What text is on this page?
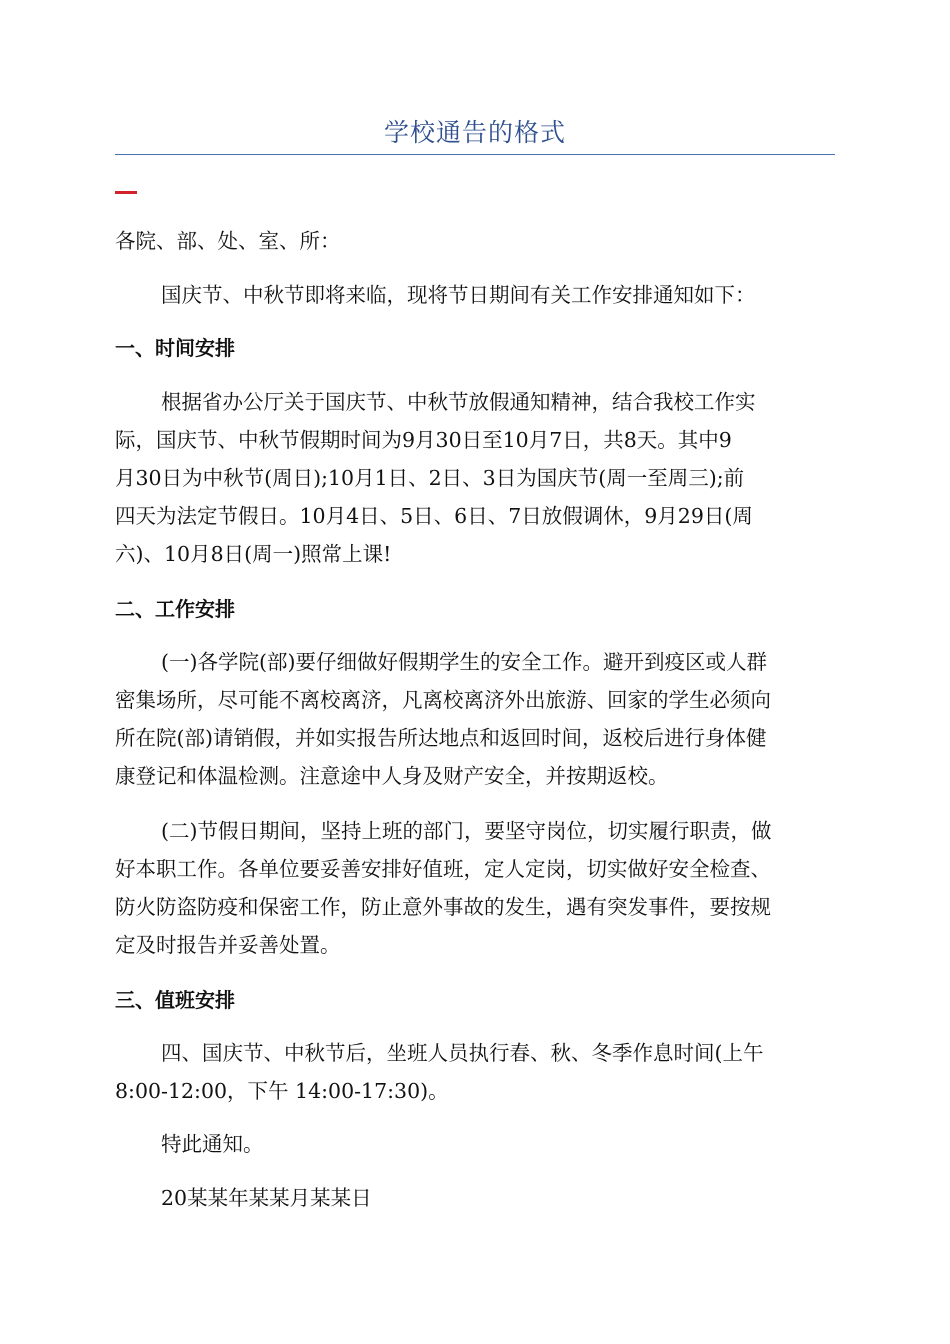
学校通告的格式

各院、部、处、室、所：

国庆节、中秋节即将来临，现将节日期间有关工作安排通知如下：

一、时间安排

根据省办公厅关于国庆节、中秋节放假通知精神，结合我校工作实
际，国庆节、中秋节假期时间为9月30日至10月7日，共8天。其中9
月30日为中秋节(周日);10月1日、2日、3日为国庆节(周一至周三);前
四天为法定节假日。10月4日、5日、6日、7日放假调休，9月29日(周
六)、10月8日(周一)照常上课!

二、工作安排

(一)各学院(部)要仔细做好假期学生的安全工作。避开到疫区或人群
密集场所，尽可能不离校离济，凡离校离济外出旅游、回家的学生必须向
所在院(部)请销假，并如实报告所达地点和返回时间，返校后进行身体健
康登记和体温检测。注意途中人身及财产安全，并按期返校。
(二)节假日期间，坚持上班的部门，要坚守岗位，切实履行职责，做
好本职工作。各单位要妥善安排好值班，定人定岗，切实做好安全检查、
防火防盗防疫和保密工作，防止意外事故的发生，遇有突发事件，要按规
定及时报告并妥善处置。

三、值班安排

四、国庆节、中秋节后，坐班人员执行春、秋、冬季作息时间(上午
8:00-12:00，下午 14:00-17:30)。

特此通知。

20某某年某某月某某日
